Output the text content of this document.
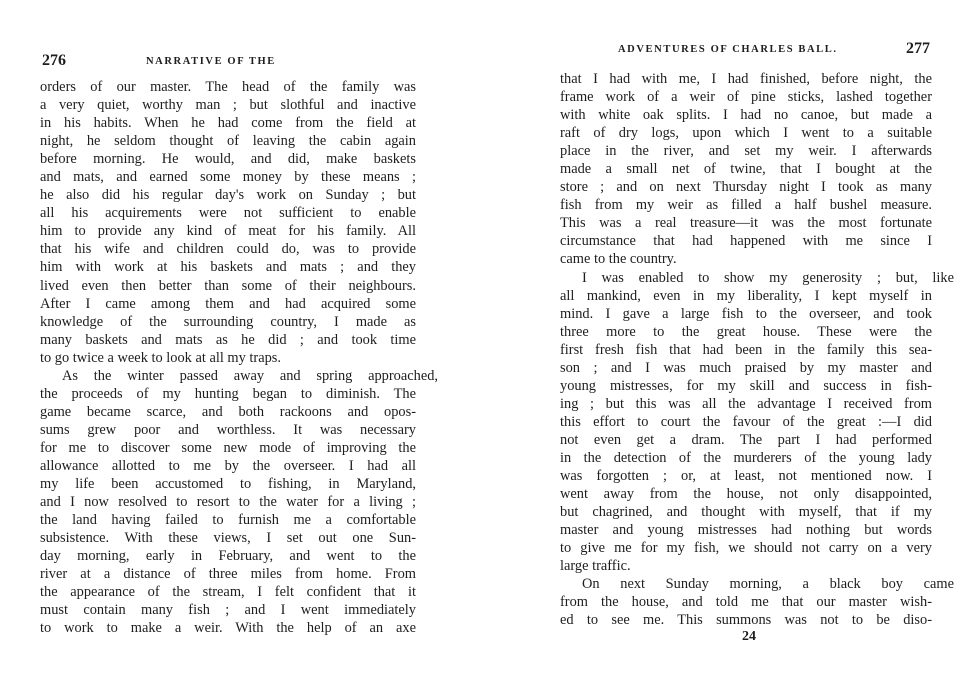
276	NARRATIVE OF THE
orders of our master. The head of the family was
a very quiet, worthy man ; but slothful and inactive
in his habits. When he had come from the field at
night, he seldom thought of leaving the cabin again
before morning. He would, and did, make baskets
and mats, and earned some money by these means ;
he also did his regular day's work on Sunday ; but
all his acquirements were not sufficient to enable
him to provide any kind of meat for his family. All
that his wife and children could do, was to provide
him with work at his baskets and mats ; and they
lived even then better than some of their neighbours.
After I came among them and had acquired some
knowledge of the surrounding country, I made as
many baskets and mats as he did ; and took time
to go twice a week to look at all my traps.
As the winter passed away and spring approached,
the proceeds of my hunting began to diminish. The
game became scarce, and both rackoons and opos-
sums grew poor and worthless. It was necessary
for me to discover some new mode of improving the
allowance allotted to me by the overseer. I had all
my life been accustomed to fishing, in Maryland,
and I now resolved to resort to the water for a living ;
the land having failed to furnish me a comfortable
subsistence. With these views, I set out one Sun-
day morning, early in February, and went to the
river at a distance of three miles from home. From
the appearance of the stream, I felt confident that it
must contain many fish ; and I went immediately
to work to make a weir. With the help of an axe
ADVENTURES OF CHARLES BALL.	277
that I had with me, I had finished, before night, the
frame work of a weir of pine sticks, lashed together
with white oak splits. I had no canoe, but made a
raft of dry logs, upon which I went to a suitable
place in the river, and set my weir. I afterwards
made a small net of twine, that I bought at the
store ; and on next Thursday night I took as many
fish from my weir as filled a half bushel measure.
This was a real treasure—it was the most fortunate
circumstance that had happened with me since I
came to the country.
I was enabled to show my generosity ; but, like
all mankind, even in my liberality, I kept myself in
mind. I gave a large fish to the overseer, and took
three more to the great house. These were the
first fresh fish that had been in the family this sea-
son ; and I was much praised by my master and
young mistresses, for my skill and success in fish-
ing ; but this was all the advantage I received from
this effort to court the favour of the great :—I did
not even get a dram. The part I had performed
in the detection of the murderers of the young lady
was forgotten ; or, at least, not mentioned now. I
went away from the house, not only disappointed,
but chagrined, and thought with myself, that if my
master and young mistresses had nothing but words
to give me for my fish, we should not carry on a very
large traffic.
On next Sunday morning, a black boy came
from the house, and told me that our master wish-
ed to see me. This summons was not to be diso-
24
